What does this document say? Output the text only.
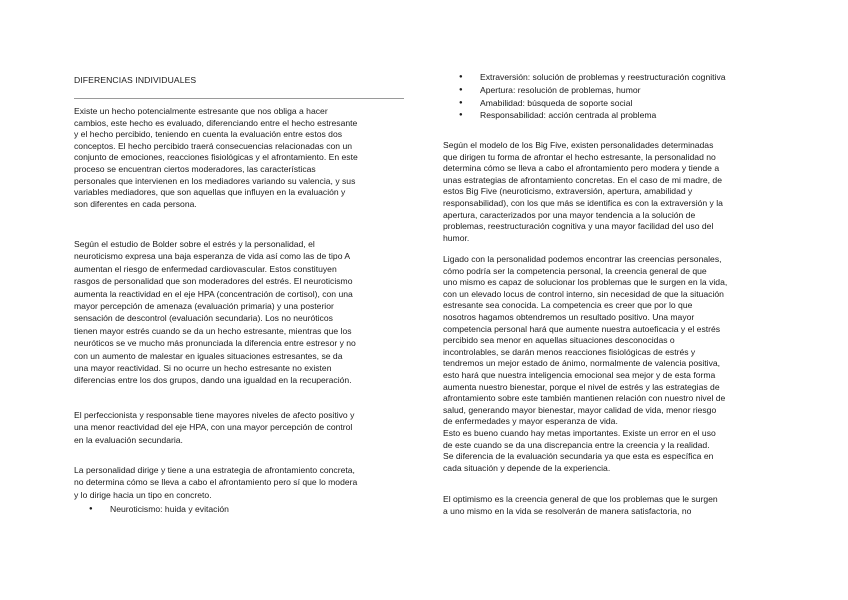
DIFERENCIAS INDIVIDUALES
Existe un hecho potencialmente estresante que nos obliga a hacer
cambios, este hecho es evaluado, diferenciando entre el hecho estresante
y el hecho percibido, teniendo en cuenta la evaluación entre estos dos
conceptos. El hecho percibido traerá consecuencias relacionadas con un
conjunto de emociones, reacciones fisiológicas y el afrontamiento. En este
proceso se encuentran ciertos moderadores, las características
personales que intervienen en los mediadores variando su valencia, y sus
variables mediadores, que son aquellas que influyen en la evaluación y
son diferentes en cada persona.
Según el estudio de Bolder sobre el estrés y la personalidad, el
neuroticismo expresa una baja esperanza de vida así como las de tipo A
aumentan el riesgo de enfermedad cardiovascular. Estos constituyen
rasgos de personalidad que son moderadores del estrés. El neuroticismo
aumenta la reactividad en el eje HPA (concentración de cortisol), con una
mayor percepción de amenaza (evaluación primaria) y una posterior
sensación de descontrol (evaluación secundaria). Los no neuróticos
tienen mayor estrés cuando se da un hecho estresante, mientras que los
neuróticos se ve mucho más pronunciada la diferencia entre estresor y no
con un aumento de malestar en iguales situaciones estresantes, se da
una mayor reactividad. Si no ocurre un hecho estresante no existen
diferencias entre los dos grupos, dando una igualdad en la recuperación.
El perfeccionista y responsable tiene mayores niveles de afecto positivo y
una menor reactividad del eje HPA, con una mayor percepción de control
en la evaluación secundaria.
La personalidad dirige y tiene a una estrategia de afrontamiento concreta,
no determina cómo se lleva a cabo el afrontamiento pero sí que lo modera
y lo dirige hacia un tipo en concreto.
● Neuroticismo: huida y evitación
● Extraversión: solución de problemas y reestructuración cognitiva
● Apertura: resolución de problemas, humor
● Amabilidad: búsqueda de soporte social
● Responsabilidad: acción centrada al problema
Según el modelo de los Big Five, existen personalidades determinadas
que dirigen tu forma de afrontar el hecho estresante, la personalidad no
determina cómo se lleva a cabo el afrontamiento pero modera y tiende a
unas estrategias de afrontamiento concretas. En el caso de mi madre, de
estos Big Five (neuroticismo, extraversión, apertura, amabilidad y
responsabilidad), con los que más se identifica es con la extraversión y la
apertura, caracterizados por una mayor tendencia a la solución de
problemas, reestructuración cognitiva y una mayor facilidad del uso del
humor.
Ligado con la personalidad podemos encontrar las creencias personales,
cómo podría ser la competencia personal, la creencia general de que
uno mismo es capaz de solucionar los problemas que le surgen en la vida,
con un elevado locus de control interno, sin necesidad de que la situación
estresante sea conocida. La competencia es creer que por lo que
nosotros hagamos obtendremos un resultado positivo. Una mayor
competencia personal hará que aumente nuestra autoeficacia y el estrés
percibido sea menor en aquellas situaciones desconocidas o
incontrolables, se darán menos reacciones fisiológicas de estrés y
tendremos un mejor estado de ánimo, normalmente de valencia positiva,
esto hará que nuestra inteligencia emocional sea mejor y de esta forma
aumenta nuestro bienestar, porque el nivel de estrés y las estrategias de
afrontamiento sobre este también mantienen relación con nuestro nivel de
salud, generando mayor bienestar, mayor calidad de vida, menor riesgo
de enfermedades y mayor esperanza de vida.
Esto es bueno cuando hay metas importantes. Existe un error en el uso
de este cuando se da una discrepancia entre la creencia y la realidad.
Se diferencia de la evaluación secundaria ya que esta es específica en
cada situación y depende de la experiencia.
El optimismo es la creencia general de que los problemas que le surgen
a uno mismo en la vida se resolverán de manera satisfactoria, no
